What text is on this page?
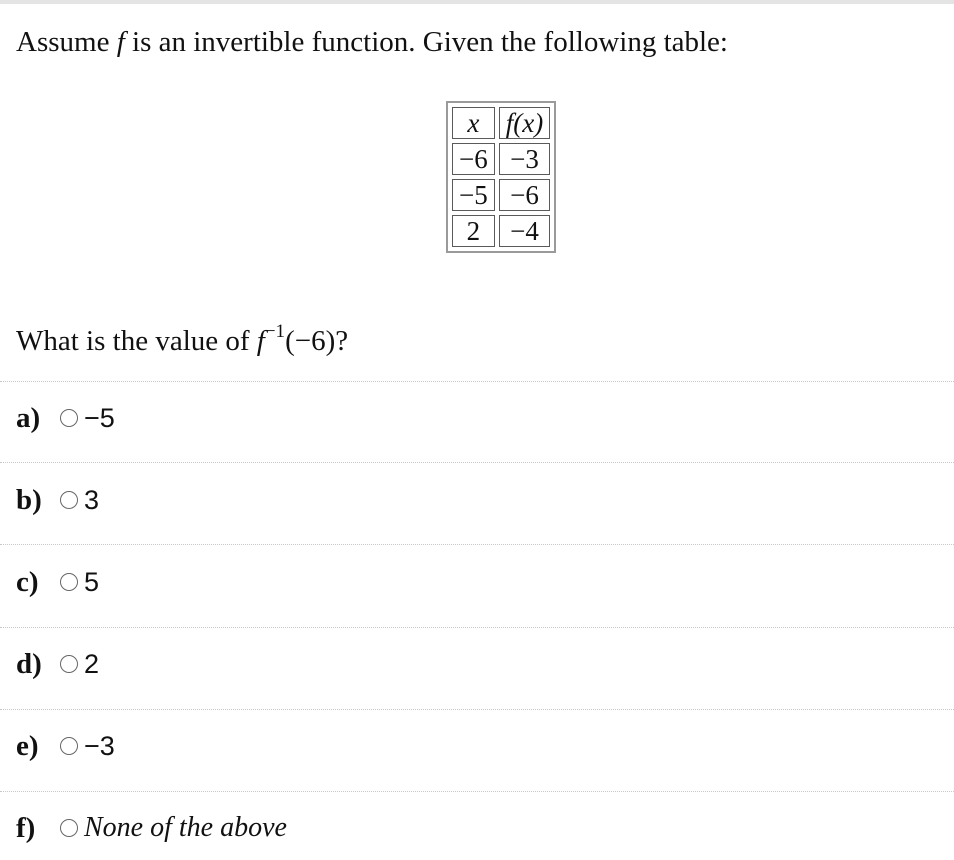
Assume f is an invertible function. Given the following table:
x	f(x)
−6	−3
−5	−6
2	−4
What is the value of $f^{-1}(-6)$?
a)	−5
b)	3
c)	5
d)	2
e)	−3
f)	None of the above
